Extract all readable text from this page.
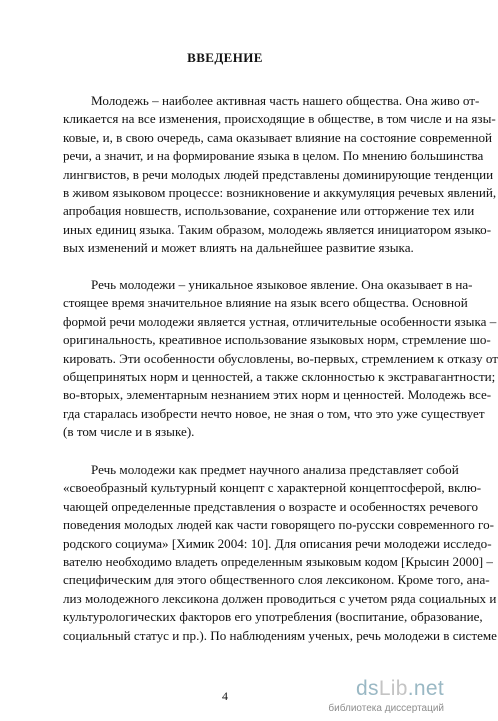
ВВЕДЕНИЕ
Молодежь – наиболее активная часть нашего общества. Она живо от-
кликается на все изменения, происходящие в обществе, в том числе и на язы-
ковые, и, в свою очередь, сама оказывает влияние на состояние современной
речи, а значит, и на формирование языка в целом. По мнению большинства
лингвистов, в речи молодых людей представлены доминирующие тенденции
в живом языковом процессе: возникновение и аккумуляция речевых явлений,
апробация новшеств, использование, сохранение или отторжение тех или
иных единиц языка. Таким образом, молодежь является инициатором языко-
вых изменений и может влиять на дальнейшее развитие языка.
Речь молодежи – уникальное языковое явление. Она оказывает в на-
стоящее время значительное влияние на язык всего общества. Основной
формой речи молодежи является устная, отличительные особенности языка –
оригинальность, креативное использование языковых норм, стремление шо-
кировать. Эти особенности обусловлены, во-первых, стремлением к отказу от
общепринятых норм и ценностей, а также склонностью к экстравагантности;
во-вторых, элементарным незнанием этих норм и ценностей. Молодежь все-
гда старалась изобрести нечто новое, не зная о том, что это уже существует
(в том числе и в языке).
Речь молодежи как предмет научного анализа представляет собой
«своеобразный культурный концепт с характерной концептосферой, вклю-
чающей определенные представления о возрасте и особенностях речевого
поведения молодых людей как части говорящего по-русски современного го-
родского социума» [Химик 2004: 10]. Для описания речи молодежи исследо-
вателю необходимо владеть определенным языковым кодом [Крысин 2000] –
специфическим для этого общественного слоя лексиконом. Кроме того, ана-
лиз молодежного лексикона должен проводиться с учетом ряда социальных и
культурологических факторов его употребления (воспитание, образование,
социальный статус и пр.). По наблюдениям ученых, речь молодежи в системе
4	dsLib.net
библиотека диссертаций
